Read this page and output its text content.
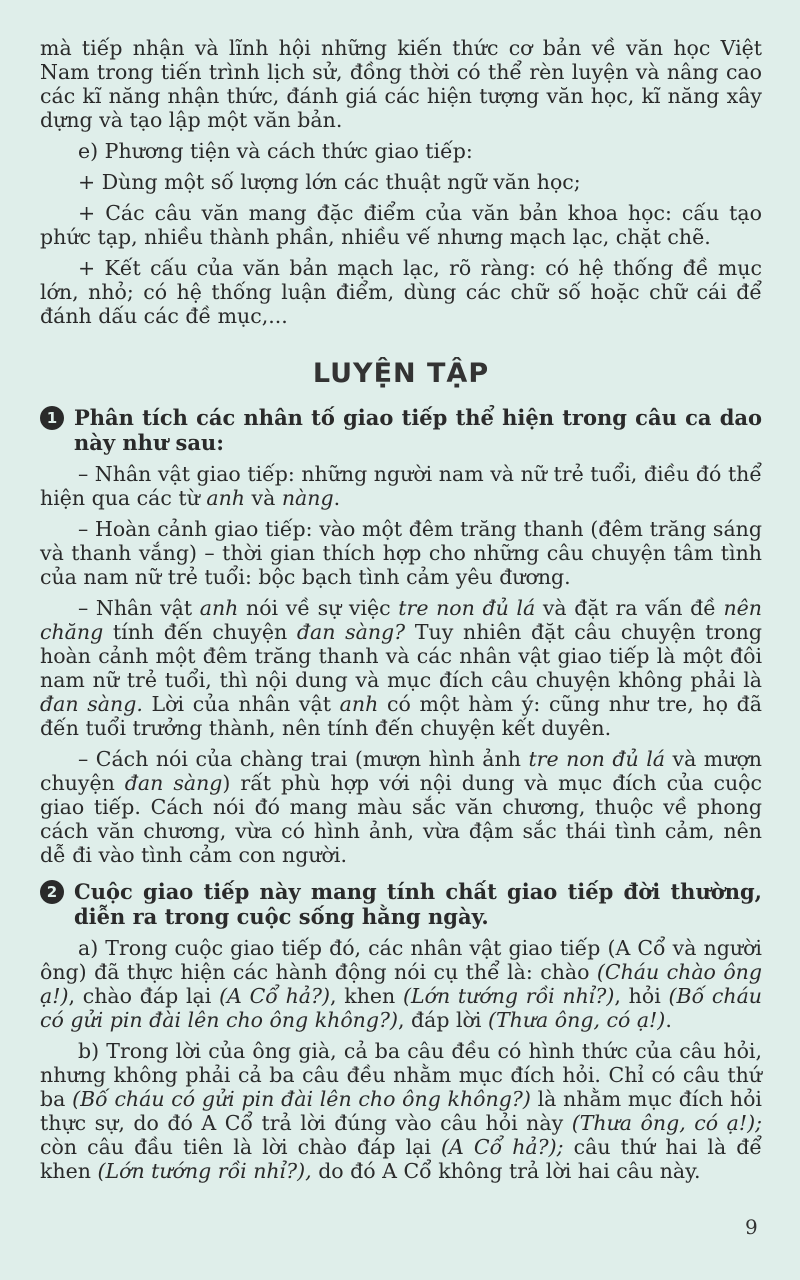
mà tiếp nhận và lĩnh hội những kiến thức cơ bản về văn học Việt Nam trong tiến trình lịch sử, đồng thời có thể rèn luyện và nâng cao các kĩ năng nhận thức, đánh giá các hiện tượng văn học, kĩ năng xây dựng và tạo lập một văn bản.

e) Phương tiện và cách thức giao tiếp:

+ Dùng một số lượng lớn các thuật ngữ văn học;

+ Các câu văn mang đặc điểm của văn bản khoa học: cấu tạo phức tạp, nhiều thành phần, nhiều vế nhưng mạch lạc, chặt chẽ.

+ Kết cấu của văn bản mạch lạc, rõ ràng: có hệ thống đề mục lớn, nhỏ; có hệ thống luận điểm, dùng các chữ số hoặc chữ cái để đánh dấu các đề mục,...

LUYỆN TẬP
1 Phân tích các nhân tố giao tiếp thể hiện trong câu ca dao này như sau:

– Nhân vật giao tiếp: những người nam và nữ trẻ tuổi, điều đó thể hiện qua các từ anh và nàng.

– Hoàn cảnh giao tiếp: vào một đêm trăng thanh (đêm trăng sáng và thanh vắng) – thời gian thích hợp cho những câu chuyện tâm tình của nam nữ trẻ tuổi: bộc bạch tình cảm yêu đương.

– Nhân vật anh nói về sự việc tre non đủ lá và đặt ra vấn đề nên chăng tính đến chuyện đan sàng? Tuy nhiên đặt câu chuyện trong hoàn cảnh một đêm trăng thanh và các nhân vật giao tiếp là một đôi nam nữ trẻ tuổi, thì nội dung và mục đích câu chuyện không phải là đan sàng. Lời của nhân vật anh có một hàm ý: cũng như tre, họ đã đến tuổi trưởng thành, nên tính đến chuyện kết duyên.

– Cách nói của chàng trai (mượn hình ảnh tre non đủ lá và mượn chuyện đan sàng) rất phù hợp với nội dung và mục đích của cuộc giao tiếp. Cách nói đó mang màu sắc văn chương, thuộc về phong cách văn chương, vừa có hình ảnh, vừa đậm sắc thái tình cảm, nên dễ đi vào tình cảm con người.

2 Cuộc giao tiếp này mang tính chất giao tiếp đời thường, diễn ra trong cuộc sống hằng ngày.

a) Trong cuộc giao tiếp đó, các nhân vật giao tiếp (A Cổ và người ông) đã thực hiện các hành động nói cụ thể là: chào (Cháu chào ông ạ!), chào đáp lại (A Cổ hả?), khen (Lớn tướng rồi nhỉ?), hỏi (Bố cháu có gửi pin đài lên cho ông không?), đáp lời (Thưa ông, có ạ!).

b) Trong lời của ông già, cả ba câu đều có hình thức của câu hỏi, nhưng không phải cả ba câu đều nhằm mục đích hỏi. Chỉ có câu thứ ba (Bố cháu có gửi pin đài lên cho ông không?) là nhằm mục đích hỏi thực sự, do đó A Cổ trả lời đúng vào câu hỏi này (Thưa ông, có ạ!); còn câu đầu tiên là lời chào đáp lại (A Cổ hả?); câu thứ hai là để khen (Lớn tướng rồi nhỉ?), do đó A Cổ không trả lời hai câu này.

9
